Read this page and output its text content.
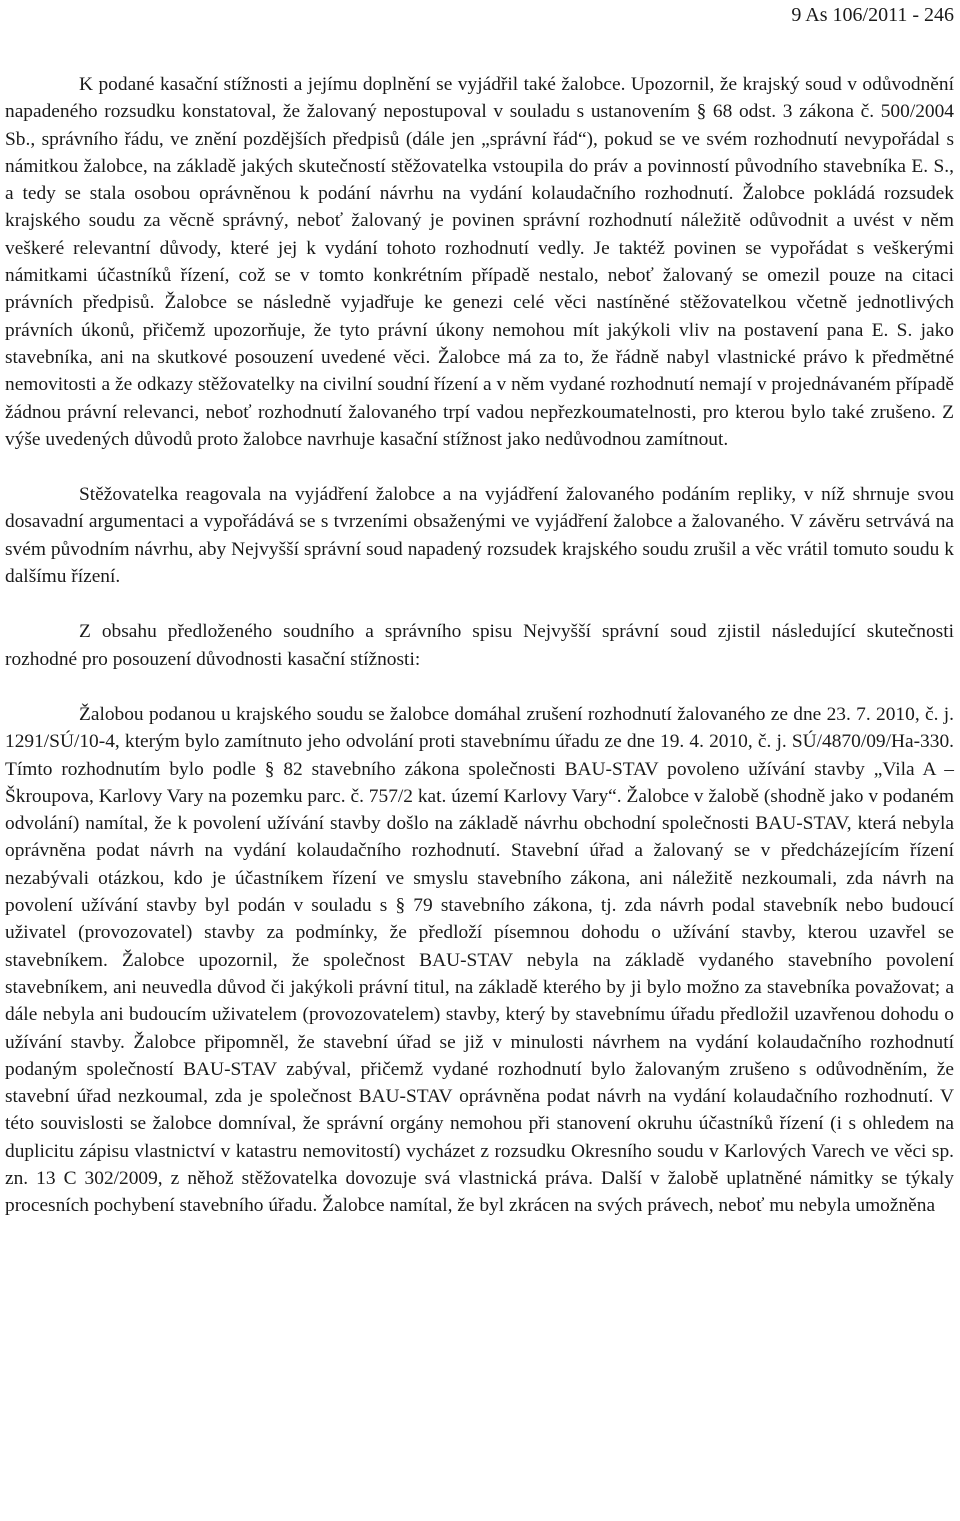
9 As 106/2011 - 246

K podané kasační stížnosti a jejímu doplnění se vyjádřil také žalobce. Upozornil, že krajský soud v odůvodnění napadeného rozsudku konstatoval, že žalovaný nepostupoval v souladu s ustanovením § 68 odst. 3 zákona č. 500/2004 Sb., správního řádu, ve znění pozdějších předpisů (dále jen „správní řád“), pokud se ve svém rozhodnutí nevypořádal s námitkou žalobce, na základě jakých skutečností stěžovatelka vstoupila do práv a povinností původního stavebníka E. S., a tedy se stala osobou oprávněnou k podání návrhu na vydání kolaudačního rozhodnutí. Žalobce pokládá rozsudek krajského soudu za věcně správný, neboť žalovaný je povinen správní rozhodnutí náležitě odůvodnit a uvést v něm veškeré relevantní důvody, které jej k vydání tohoto rozhodnutí vedly. Je taktéž povinen se vypořádat s veškerými námitkami účastníků řízení, což se v tomto konkrétním případě nestalo, neboť žalovaný se omezil pouze na citaci právních předpisů. Žalobce se následně vyjadřuje ke genezi celé věci nastíněné stěžovatelkou včetně jednotlivých právních úkonů, přičemž upozorňuje, že tyto právní úkony nemohou mít jakýkoli vliv na postavení pana E. S. jako stavebníka, ani na skutkové posouzení uvedené věci. Žalobce má za to, že řádně nabyl vlastnické právo k předmětné nemovitosti a že odkazy stěžovatelky na civilní soudní řízení a v něm vydané rozhodnutí nemají v projednávaném případě žádnou právní relevanci, neboť rozhodnutí žalovaného trpí vadou nepřezkoumatelnosti, pro kterou bylo také zrušeno. Z výše uvedených důvodů proto žalobce navrhuje kasační stížnost jako nedůvodnou zamítnout.

Stěžovatelka reagovala na vyjádření žalobce a na vyjádření žalovaného podáním repliky, v níž shrnuje svou dosavadní argumentaci a vypořádává se s tvrzeními obsaženými ve vyjádření žalobce a žalovaného. V závěru setrvává na svém původním návrhu, aby Nejvyšší správní soud napadený rozsudek krajského soudu zrušil a věc vrátil tomuto soudu k dalšímu řízení.

Z obsahu předloženého soudního a správního spisu Nejvyšší správní soud zjistil následující skutečnosti rozhodné pro posouzení důvodnosti kasační stížnosti:

Žalobou podanou u krajského soudu se žalobce domáhal zrušení rozhodnutí žalovaného ze dne 23. 7. 2010, č. j. 1291/SÚ/10-4, kterým bylo zamítnuto jeho odvolání proti stavebnímu úřadu ze dne 19. 4. 2010, č. j. SÚ/4870/09/Ha-330. Tímto rozhodnutím bylo podle § 82 stavebního zákona společnosti BAU-STAV povoleno užívání stavby „Vila A – Škroupova, Karlovy Vary na pozemku parc. č. 757/2 kat. území Karlovy Vary“. Žalobce v žalobě (shodně jako v podaném odvolání) namítal, že k povolení užívání stavby došlo na základě návrhu obchodní společnosti BAU-STAV, která nebyla oprávněna podat návrh na vydání kolaudačního rozhodnutí. Stavební úřad a žalovaný se v předcházejícím řízení nezabývali otázkou, kdo je účastníkem řízení ve smyslu stavebního zákona, ani náležitě nezkoumali, zda návrh na povolení užívání stavby byl podán v souladu s § 79 stavebního zákona, tj. zda návrh podal stavebník nebo budoucí uživatel (provozovatel) stavby za podmínky, že předloží písemnou dohodu o užívání stavby, kterou uzavřel se stavebníkem. Žalobce upozornil, že společnost BAU-STAV nebyla na základě vydaného stavebního povolení stavebníkem, ani neuvedla důvod či jakýkoli právní titul, na základě kterého by ji bylo možno za stavebníka považovat; a dále nebyla ani budoucím uživatelem (provozovatelem) stavby, který by stavebnímu úřadu předložil uzavřenou dohodu o užívání stavby. Žalobce připomněl, že stavební úřad se již v minulosti návrhem na vydání kolaudačního rozhodnutí podaným společností BAU-STAV zabýval, přičemž vydané rozhodnutí bylo žalovaným zrušeno s odůvodněním, že stavební úřad nezkoumal, zda je společnost BAU-STAV oprávněna podat návrh na vydání kolaudačního rozhodnutí. V této souvislosti se žalobce domníval, že správní orgány nemohou při stanovení okruhu účastníků řízení (i s ohledem na duplicitu zápisu vlastnictví v katastru nemovitostí) vycházet z rozsudku Okresního soudu v Karlových Varech ve věci sp. zn. 13 C 302/2009, z něhož stěžovatelka dovozuje svá vlastnická práva. Další v žalobě uplatněné námitky se týkaly procesních pochybení stavebního úřadu. Žalobce namítal, že byl zkrácen na svých právech, neboť mu nebyla umožněna
